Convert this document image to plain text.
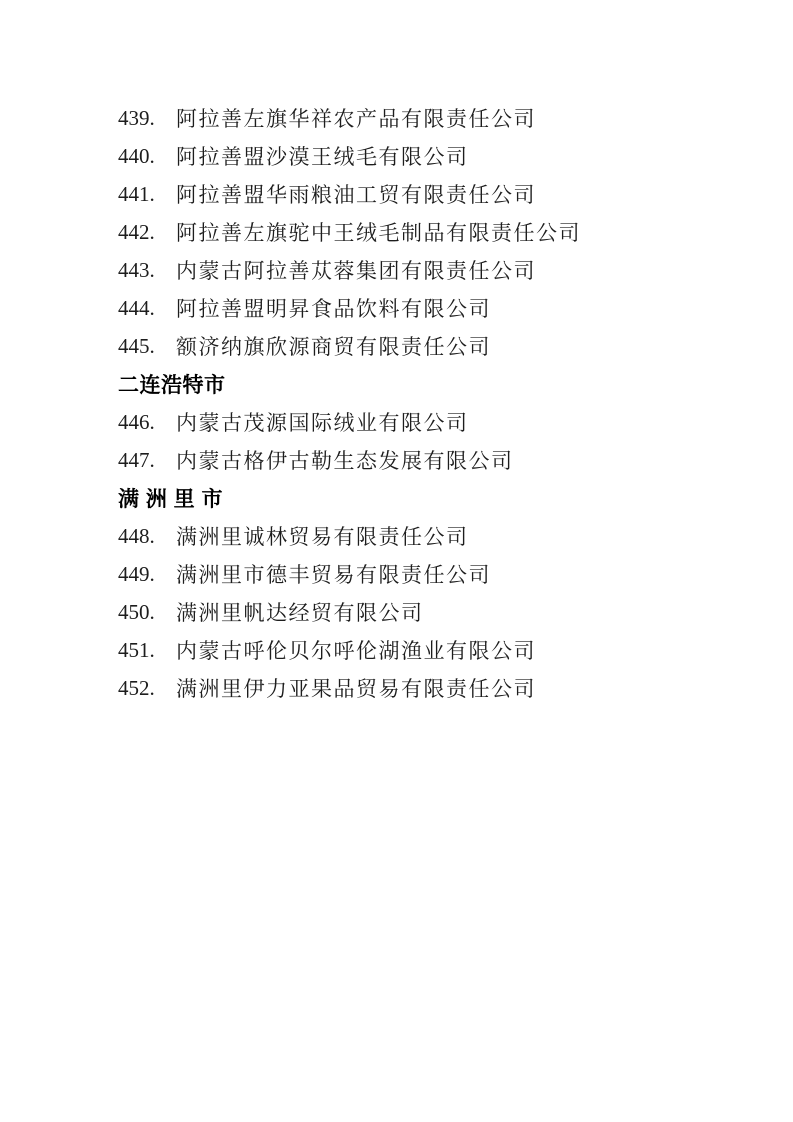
439.	阿拉善左旗华祥农产品有限责任公司
440.	阿拉善盟沙漠王绒毛有限公司
441.	阿拉善盟华雨粮油工贸有限责任公司
442.	阿拉善左旗驼中王绒毛制品有限责任公司
443.	内蒙古阿拉善苁蓉集团有限责任公司
444.	阿拉善盟明昇食品饮料有限公司
445.	额济纳旗欣源商贸有限责任公司
二连浩特市
446.	内蒙古茂源国际绒业有限公司
447.	内蒙古格伊古勒生态发展有限公司
满 洲 里 市
448.	满洲里诚林贸易有限责任公司
449.	满洲里市德丰贸易有限责任公司
450.	满洲里帆达经贸有限公司
451.	内蒙古呼伦贝尔呼伦湖渔业有限公司
452.	满洲里伊力亚果品贸易有限责任公司
